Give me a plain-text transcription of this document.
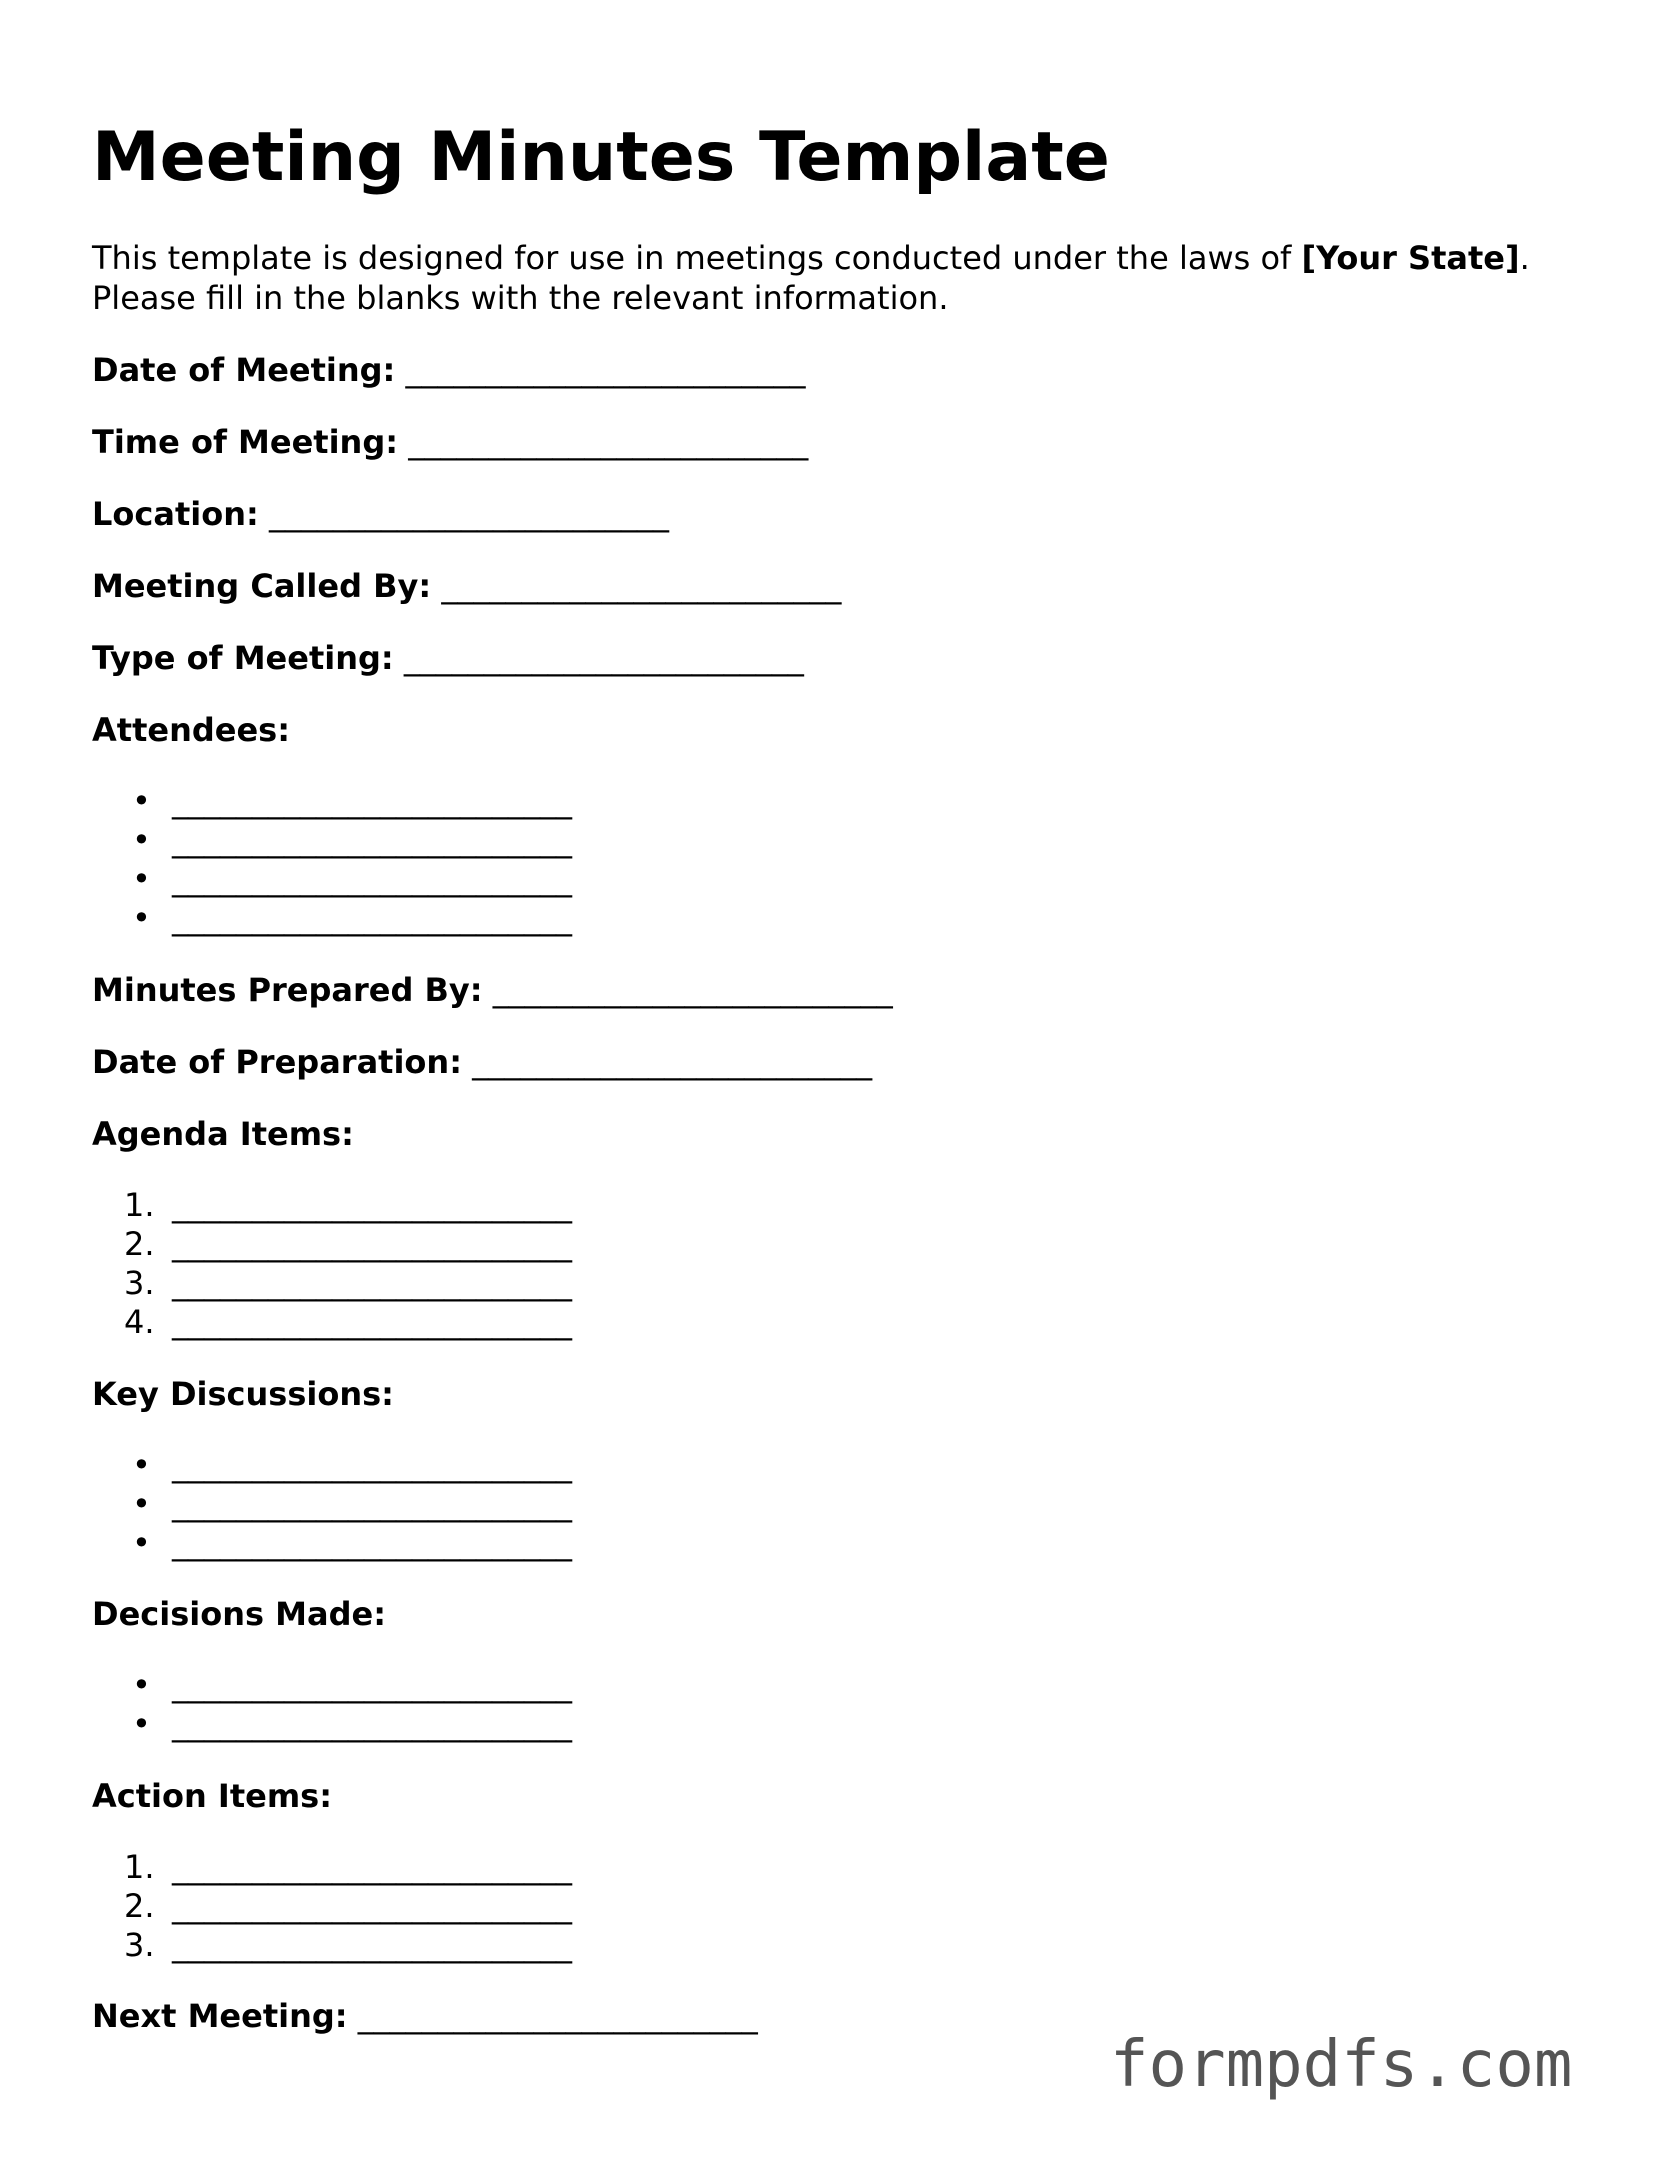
Meeting Minutes Template

This template is designed for use in meetings conducted under the laws of [Your State].

Please fill in the blanks with the relevant information.

Date of Meeting: _________________________
Time of Meeting: _________________________
Location: _________________________
Meeting Called By: _________________________
Type of Meeting: _________________________
Attendees:
• _________________________
• _________________________
• _________________________
• _________________________
Minutes Prepared By: _________________________
Date of Preparation: _________________________
Agenda Items:
1. _________________________
2. _________________________
3. _________________________
4. _________________________
Key Discussions:
• _________________________
• _________________________
• _________________________
Decisions Made:
• _________________________
• _________________________
Action Items:
1. _________________________
2. _________________________
3. _________________________
Next Meeting: _________________________
formpdfs.com
